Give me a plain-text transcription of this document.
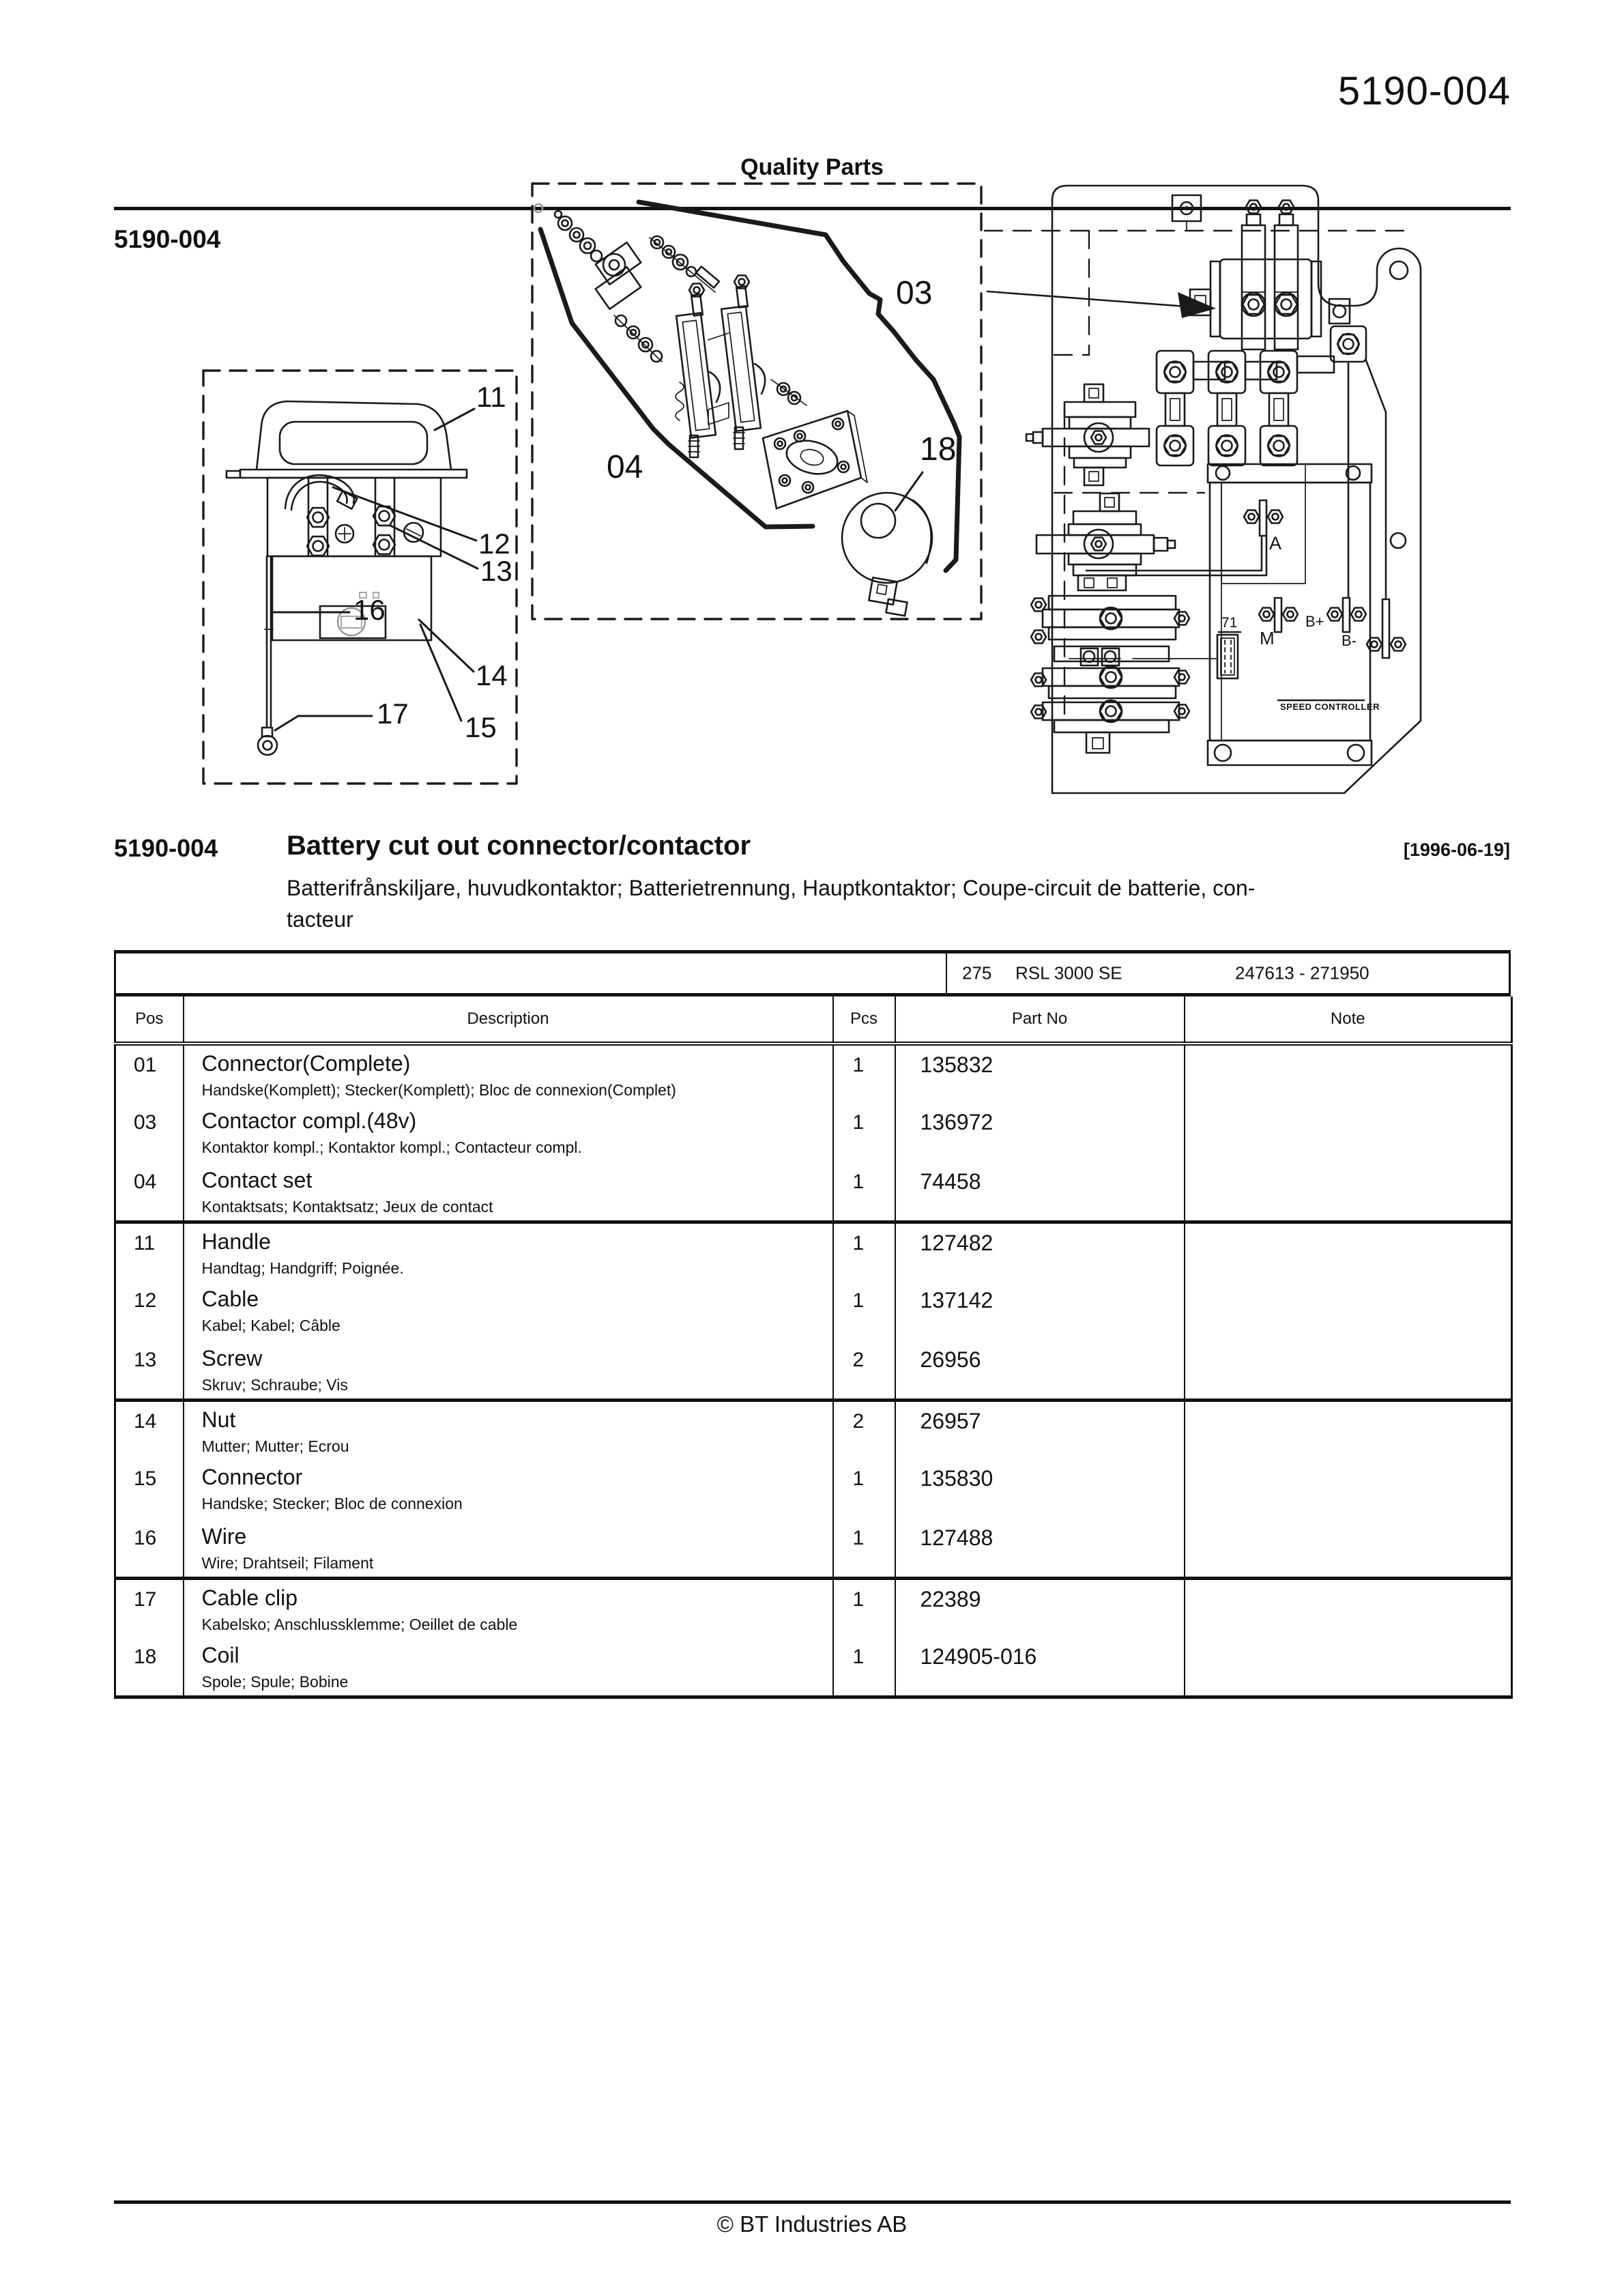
Quality Parts
5190-004
5190-004
11
12
13
16
14
17 15
03
04	18
A
71
M
B+
B-
SPEED CONTROLLER
5190-004	Battery cut out connector/contactor	[1996-06-19]
Batterifrånskiljare, huvudkontaktor; Batterietrennung, Hauptkontaktor; Coupe-circuit de batterie, con-
tacteur
275 RSL 3000 SE	247613 - 271950
Pos	Description	Pcs	Part No	Note
01	Connector(Complete)
Handske(Komplett); Stecker(Komplett); Bloc de connexion(Complet)	1	135832	
03	Contactor compl.(48v)
Kontaktor kompl.; Kontaktor kompl.; Contacteur compl.	1	136972	
04	Contact set
Kontaktsats; Kontaktsatz; Jeux de contact	1	74458	
11	Handle
Handtag; Handgriff; Poignée.	1	127482	
12	Cable
Kabel; Kabel; Câble	1	137142	
13	Screw
Skruv; Schraube; Vis	2	26956	
14	Nut
Mutter; Mutter; Ecrou	2	26957	
15	Connector
Handske; Stecker; Bloc de connexion	1	135830	
16	Wire
Wire; Drahtseil; Filament	1	127488	
17	Cable clip
Kabelsko; Anschlussklemme; Oeillet de cable	1	22389	
18	Coil
Spole; Spule; Bobine	1	124905-016	
© BT Industries AB
